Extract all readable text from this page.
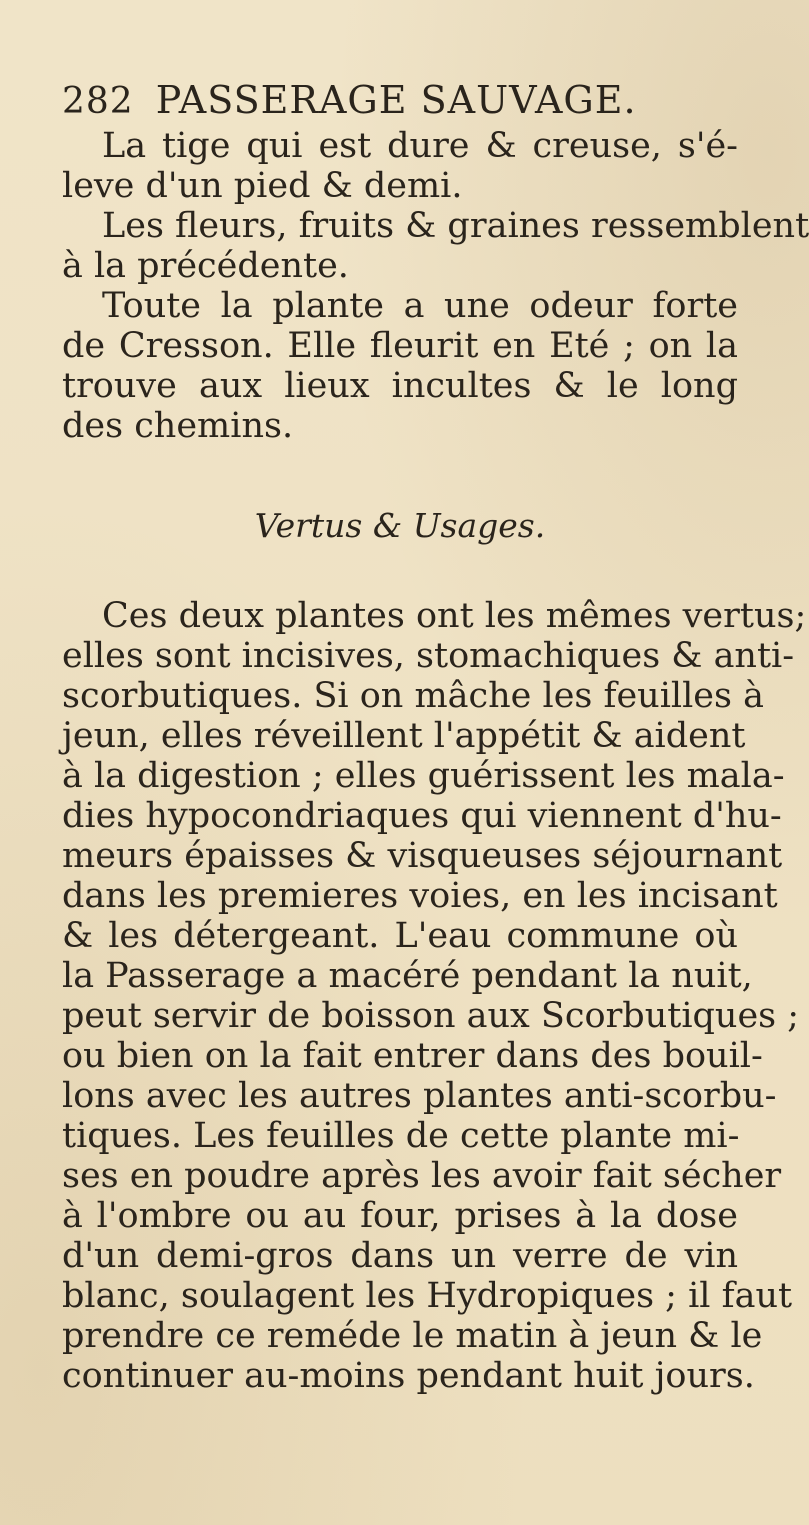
282 PASSERAGE SAUVAGE.
La tige qui est dure & creuse, s'é-
leve d'un pied & demi.
Les fleurs, fruits & graines ressemblent
à la précédente.
Toute la plante a une odeur forte
de Cresson. Elle fleurit en Eté ; on la
trouve aux lieux incultes & le long
des chemins.
Vertus & Usages.
Ces deux plantes ont les mêmes vertus;
elles sont incisives, stomachiques & anti-
scorbutiques. Si on mâche les feuilles à
jeun, elles réveillent l'appétit & aident
à la digestion ; elles guérissent les mala-
dies hypocondriaques qui viennent d'hu-
meurs épaisses & visqueuses séjournant
dans les premieres voies, en les incisant
& les détergeant. L'eau commune où
la Passerage a macéré pendant la nuit,
peut servir de boisson aux Scorbutiques ;
ou bien on la fait entrer dans des bouil-
lons avec les autres plantes anti-scorbu-
tiques. Les feuilles de cette plante mi-
ses en poudre après les avoir fait sécher
à l'ombre ou au four, prises à la dose
d'un demi-gros dans un verre de vin
blanc, soulagent les Hydropiques ; il faut
prendre ce reméde le matin à jeun & le
continuer au-moins pendant huit jours.
